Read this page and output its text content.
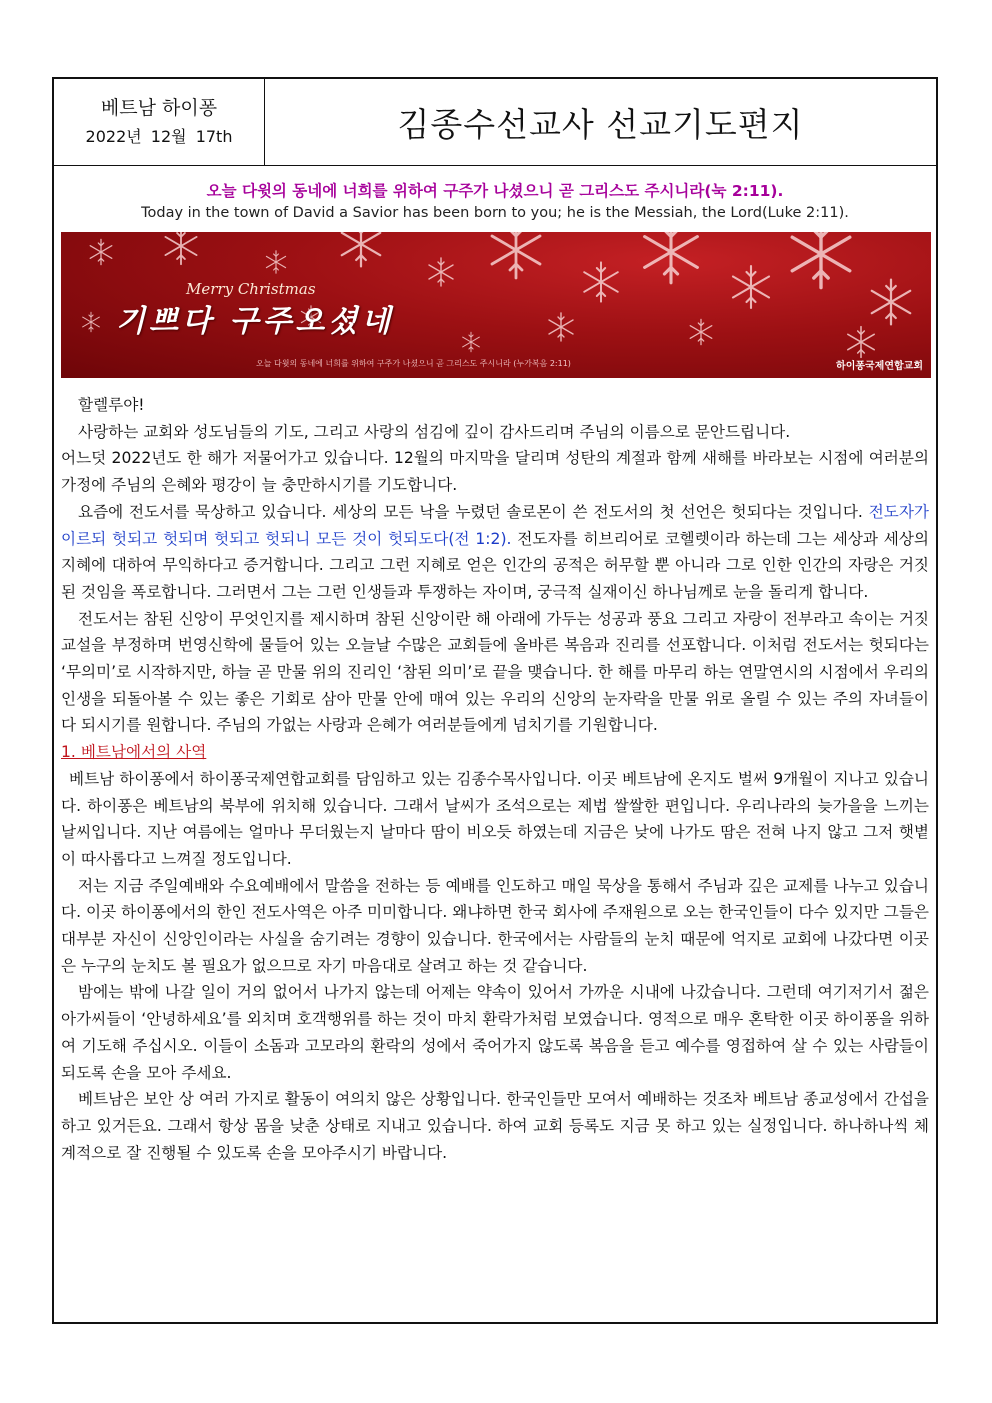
베트남 하이퐁
2022년 12월 17th	김종수선교사 선교기도편지
오늘 다윗의 동네에 너희를 위하여 구주가 나셨으니 곧 그리스도 주시니라(눅 2:11).
Today in the town of David a Savior has been born to you; he is the Messiah, the Lord(Luke 2:11).
Merry Christmas
기쁘다 구주오셨네
오늘 다윗의 동네에 너희를 위하여 구주가 나셨으니 곧 그리스도 주시니라 (누가복음 2:11)	하이퐁국제연합교회

할렐루야!

사랑하는 교회와 성도님들의 기도, 그리고 사랑의 섬김에 깊이 감사드리며 주님의 이름으로 문안드립니다.

어느덧 2022년도 한 해가 저물어가고 있습니다. 12월의 마지막을 달리며 성탄의 계절과 함께 새해를 바라보는 시점에 여러분의 가정에 주님의 은혜와 평강이 늘 충만하시기를 기도합니다.

요즘에 전도서를 묵상하고 있습니다. 세상의 모든 낙을 누렸던 솔로몬이 쓴 전도서의 첫 선언은 헛되다는 것입니다. 전도자가 이르되 헛되고 헛되며 헛되고 헛되니 모든 것이 헛되도다(전 1:2). 전도자를 히브리어로 코헬렛이라 하는데 그는 세상과 세상의 지혜에 대하여 무익하다고 증거합니다. 그리고 그런 지혜로 얻은 인간의 공적은 허무할 뿐 아니라 그로 인한 인간의 자랑은 거짓된 것임을 폭로합니다. 그러면서 그는 그런 인생들과 투쟁하는 자이며, 궁극적 실재이신 하나님께로 눈을 돌리게 합니다.

전도서는 참된 신앙이 무엇인지를 제시하며 참된 신앙이란 해 아래에 가두는 성공과 풍요 그리고 자랑이 전부라고 속이는 거짓 교설을 부정하며 번영신학에 물들어 있는 오늘날 수많은 교회들에 올바른 복음과 진리를 선포합니다. 이처럼 전도서는 헛되다는 ‘무의미’로 시작하지만, 하늘 곧 만물 위의 진리인 ‘참된 의미’로 끝을 맺습니다. 한 해를 마무리 하는 연말연시의 시점에서 우리의 인생을 되돌아볼 수 있는 좋은 기회로 삼아 만물 안에 매여 있는 우리의 신앙의 눈자락을 만물 위로 올릴 수 있는 주의 자녀들이 다 되시기를 원합니다. 주님의 가없는 사랑과 은혜가 여러분들에게 넘치기를 기원합니다.

1. 베트남에서의 사역

베트남 하이퐁에서 하이퐁국제연합교회를 담임하고 있는 김종수목사입니다. 이곳 베트남에 온지도 벌써 9개월이 지나고 있습니다. 하이퐁은 베트남의 북부에 위치해 있습니다. 그래서 날씨가 조석으로는 제법 쌀쌀한 편입니다. 우리나라의 늦가을을 느끼는 날씨입니다. 지난 여름에는 얼마나 무더웠는지 날마다 땀이 비오듯 하였는데 지금은 낮에 나가도 땀은 전혀 나지 않고 그저 햇볕이 따사롭다고 느껴질 정도입니다.

저는 지금 주일예배와 수요예배에서 말씀을 전하는 등 예배를 인도하고 매일 묵상을 통해서 주님과 깊은 교제를 나누고 있습니다. 이곳 하이퐁에서의 한인 전도사역은 아주 미미합니다. 왜냐하면 한국 회사에 주재원으로 오는 한국인들이 다수 있지만 그들은 대부분 자신이 신앙인이라는 사실을 숨기려는 경향이 있습니다. 한국에서는 사람들의 눈치 때문에 억지로 교회에 나갔다면 이곳은 누구의 눈치도 볼 필요가 없으므로 자기 마음대로 살려고 하는 것 같습니다.

밤에는 밖에 나갈 일이 거의 없어서 나가지 않는데 어제는 약속이 있어서 가까운 시내에 나갔습니다. 그런데 여기저기서 젊은 아가씨들이 ‘안녕하세요’를 외치며 호객행위를 하는 것이 마치 환락가처럼 보였습니다. 영적으로 매우 혼탁한 이곳 하이퐁을 위하여 기도해 주십시오. 이들이 소돔과 고모라의 환락의 성에서 죽어가지 않도록 복음을 듣고 예수를 영접하여 살 수 있는 사람들이 되도록 손을 모아 주세요.

베트남은 보안 상 여러 가지로 활동이 여의치 않은 상황입니다. 한국인들만 모여서 예배하는 것조차 베트남 종교성에서 간섭을 하고 있거든요. 그래서 항상 몸을 낮춘 상태로 지내고 있습니다. 하여 교회 등록도 지금 못 하고 있는 실정입니다. 하나하나씩 체계적으로 잘 진행될 수 있도록 손을 모아주시기 바랍니다.
